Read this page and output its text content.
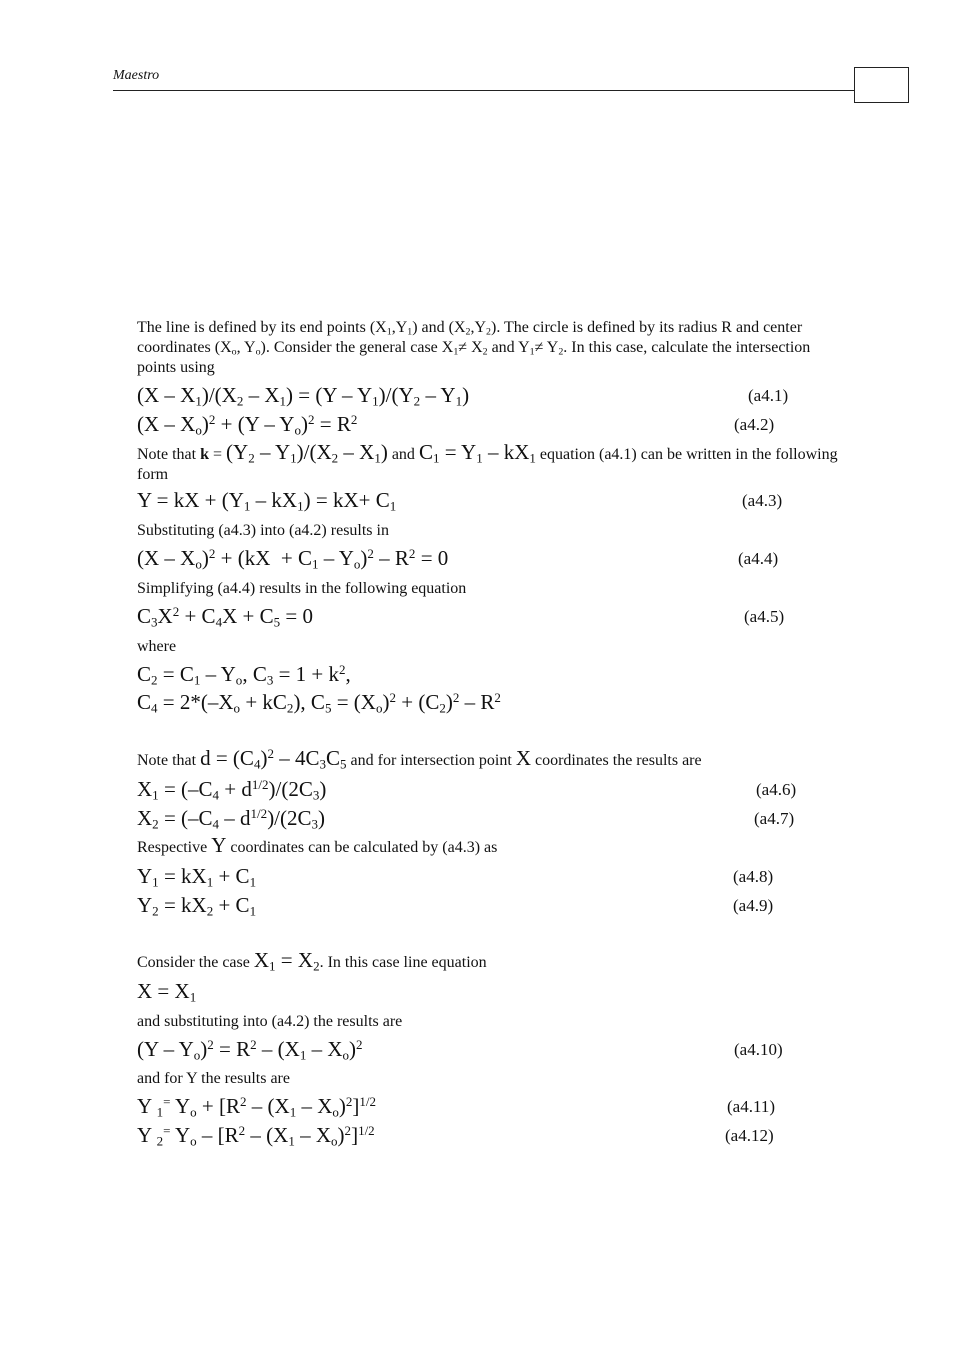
Maestro
The line is defined by its end points $(X_1,Y_1)$ and $(X_2,Y_2)$. The circle is defined by its radius R and center coordinates ($X_o$, $Y_o$). Consider the general case $X_1\ne X_2$ and $Y_1\ne Y_2$. In this case, calculate the intersection points using
$(X - X_1)/(X_2 - X_1) = (Y - Y_1)/(Y_2 - Y_1)$	(a4.1)
$(X - X_o)^2 + (Y - Y_o)^2 = R^2$	(a4.2)
Note that $k = (Y_2 - Y_1)/(X_2 - X_1)$ and $C_1 = Y_1 - kX_1$ equation (a4.1) can be written in the following form
Y = kX + $(Y_1 - kX_1) = kX+ C_1$	(a4.3)
Substituting (a4.3) into (a4.2) results in
$(X - X_o)^2 + (kX + C_1 - Y_o)^2 - R^2 = 0$	(a4.4)
Simplifying (a4.4) results in the following equation
$C_3X^2 + C_4X + C_5 = 0$	(a4.5)
where
$C_2 = C_1 - Y_o$, $C_3 = 1 + k^2$,
$C_4 = 2*(-X_o + kC_2)$, $C_5 = (X_o)^2 + (C_2)^2 - R^2$
Note that $d = (C_4)^2 - 4C_3C_5$ and for intersection point X coordinates the results are
$X_1 = (-C_4 + d^{1/2})/(2C_3)$	(a4.6)
$X_2 = (-C_4 - d^{1/2})/(2C_3)$	(a4.7)
Respective Y coordinates can be calculated by (a4.3) as
$Y_1 = kX_1 + C_1$	(a4.8)
$Y_2 = kX_2 + C_1$	(a4.9)
Consider the case $X_1 = X_2$. In this case line equation
$X = X_1$
and substituting into (a4.2) the results are
$(Y - Y_o)^2 = R^2 - (X_1 - X_o)^2$	(a4.10)
and for Y the results are
Y $_1$= $Y_o + [R^2 - (X_1 - X_o)^2]^{1/2}$	(a4.11)
Y $_2$= $Y_o - [R^2 - (X_1 - X_o)^2]^{1/2}$	(a4.12)
